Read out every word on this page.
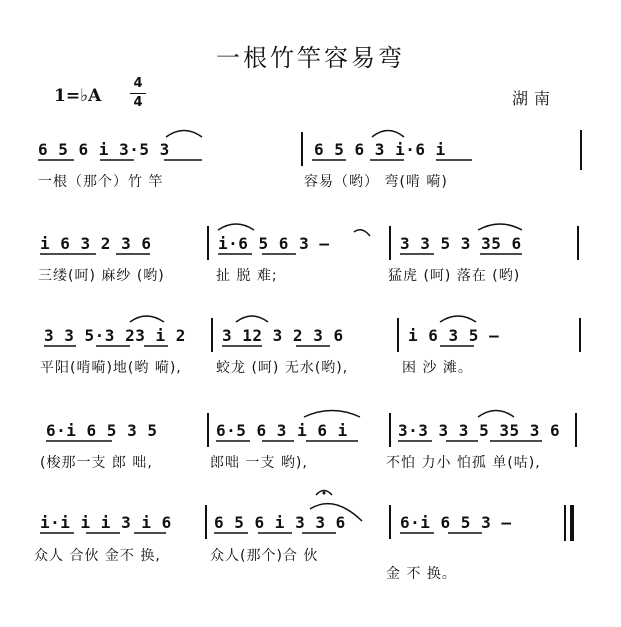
一根竹竿容易弯
1=♭A
4
4	湖南
6 5 6 i 3·5 3	6 5 6 3 i·6 i
一根（那个）竹 竿	容易（哟） 弯(啃 嗬)
i 6 3 2 3 6	i·6 5 6 3 –	3 3 5 3 35 6
三缕(呵) 麻纱 (哟)	扯 脱 难;	猛虎 (呵) 落在 (哟)
3 3 5·3 23 i 2 3 12 3 2 3 6	i 6 3 5 –
平阳(啃嗬)地(哟 嗬), 蛟龙 (呵) 无水(哟),	困 沙 滩。
6·i 6 5 3 5	6·5 6 3 i 6 i	3·3 3 3 5 35 3 6
(梭那一支 郎 咄,	郎咄 一支 哟),	不怕 力小 怕孤 单(咕),
i·i i i 3 i 6	6 5 6 i 3 3 6	6·i 6 5 3 –
众人 合伙 金不 换,	众人(那个)合 伙
金 不 换。
